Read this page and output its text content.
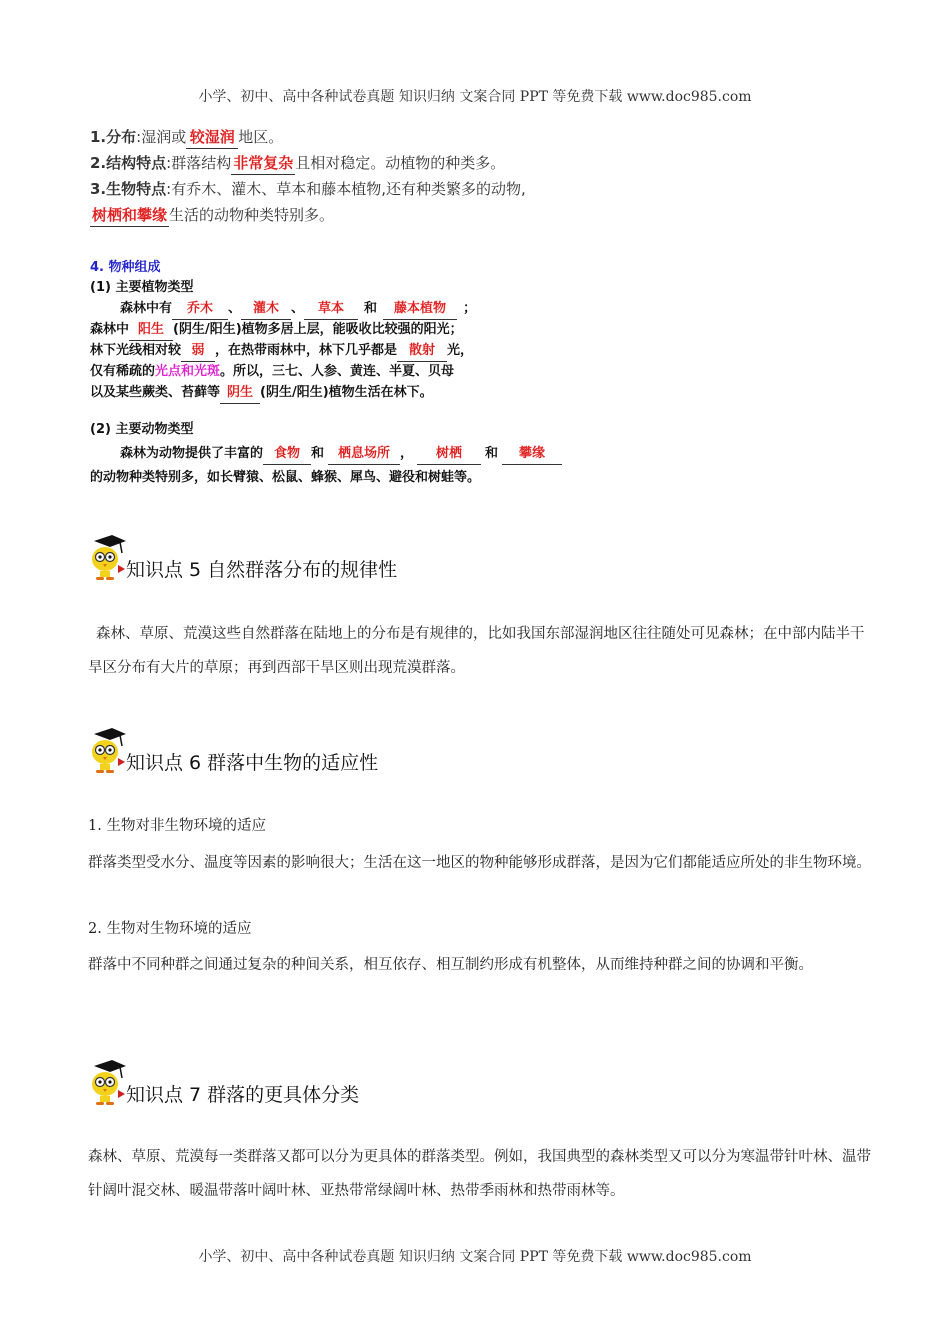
小学、初中、高中各种试卷真题 知识归纳 文案合同 PPT 等免费下载 www.doc985.com
1.分布:湿润或 较湿润 地区。
2.结构特点:群落结构 非常复杂 且相对稳定。动植物的种类多。
3.生物特点:有乔木、灌木、草本和藤本植物,还有种类繁多的动物,
树栖和攀缘 生活的动物种类特别多。
4. 物种组成
(1) 主要植物类型
森林中有 乔木 、 灌木 、 草本 和 藤本植物 ；
森林中 阳生 (阴生/阳生)植物多居上层，能吸收比较强的阳光；
林下光线相对较 弱 ，在热带雨林中，林下几乎都是 散射 光，
仅有稀疏的光点和光斑。所以，三七、人参、黄连、半夏、贝母
以及某些蕨类、苔藓等 阴生 (阴生/阳生)植物生活在林下。
(2) 主要动物类型
森林为动物提供了丰富的 食物 和 栖息场所 ， 树栖 和 攀缘
的动物种类特别多，如长臂猿、松鼠、蜂猴、犀鸟、避役和树蛙等。
知识点 5 自然群落分布的规律性
森林、草原、荒漠这些自然群落在陆地上的分布是有规律的，比如我国东部湿润地区往往随处可见森林；在中部内陆半干旱区分布有大片的草原；再到西部干旱区则出现荒漠群落。
知识点 6 群落中生物的适应性
1. 生物对非生物环境的适应
群落类型受水分、温度等因素的影响很大；生活在这一地区的物种能够形成群落，是因为它们都能适应所处的非生物环境。
2. 生物对生物环境的适应
群落中不同种群之间通过复杂的种间关系，相互依存、相互制约形成有机整体，从而维持种群之间的协调和平衡。
知识点 7 群落的更具体分类
森林、草原、荒漠每一类群落又都可以分为更具体的群落类型。例如，我国典型的森林类型又可以分为寒温带针叶林、温带针阔叶混交林、暖温带落叶阔叶林、亚热带常绿阔叶林、热带季雨林和热带雨林等。
小学、初中、高中各种试卷真题 知识归纳 文案合同 PPT 等免费下载 www.doc985.com
